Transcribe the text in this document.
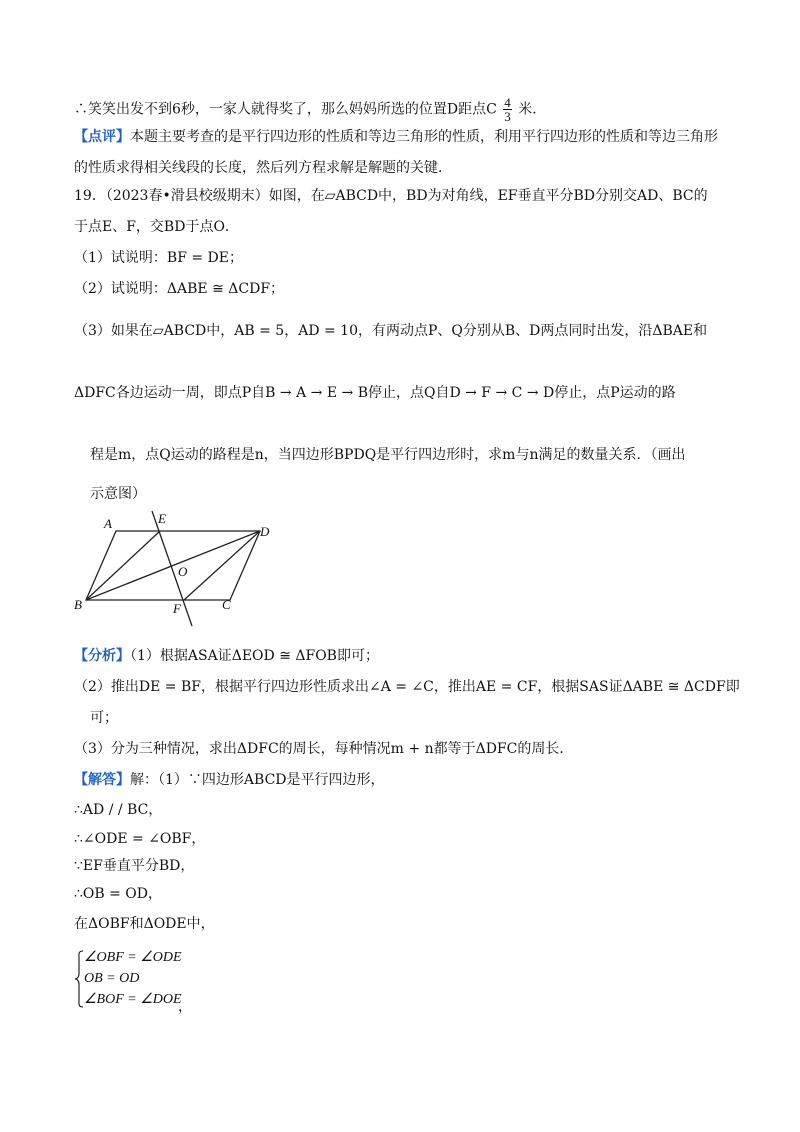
∴笑笑出发不到6秒，一家人就得奖了，那么妈妈所选的位置D距点C $\frac{4}{3}$ 米．
【点评】本题主要考查的是平行四边形的性质和等边三角形的性质，利用平行四边形的性质和等边三角形
的性质求得相关线段的长度，然后列方程求解是解题的关键．
19．（2023春•滑县校级期末）如图，在▱ABCD中，BD为对角线，EF垂直平分BD分别交AD、BC的
于点E、F，交BD于点O．
（1）试说明：BF = DE；
（2）试说明：ΔABE ≅ ΔCDF；
（3）如果在▱ABCD中，AB = 5，AD = 10，有两动点P、Q分别从B、D两点同时出发，沿ΔBAE和
ΔDFC各边运动一周，即点P自B → A → E → B停止，点Q自D → F → C → D停止，点P运动的路
程是m，点Q运动的路程是n，当四边形BPDQ是平行四边形时，求m与n满足的数量关系．（画出
示意图）
A	E
D
O
B	F	C
【分析】（1）根据ASA证ΔEOD ≅ ΔFOB即可；
（2）推出DE = BF，根据平行四边形性质求出∠A = ∠C，推出AE = CF，根据SAS证ΔABE ≅ ΔCDF即
可；
（3）分为三种情况，求出ΔDFC的周长，每种情况m + n都等于ΔDFC的周长．
【解答】解：（1）∵四边形ABCD是平行四边形，
∴AD / / BC，
∴∠ODE = ∠OBF，
∵EF垂直平分BD，
∴OB = OD，
在ΔOBF和ΔODE中，
∠OBF = ∠ODE
OB = OD
∠BOF = ∠DOE
，
